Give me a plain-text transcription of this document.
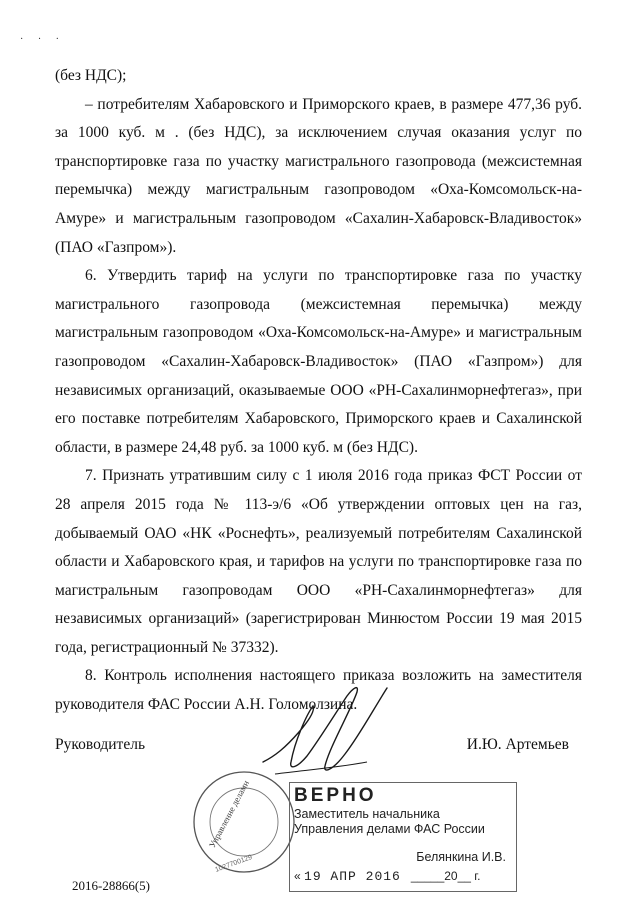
· · ·

(без НДС);

– потребителям Хабаровского и Приморского краев, в размере 477,36 руб. за 1000 куб. м . (без НДС), за исключением случая оказания услуг по транспортировке газа по участку магистрального газопровода (межсистемная перемычка) между магистральным газопроводом «Оха-Комсомольск-на-Амуре» и магистральным газопроводом «Сахалин-Хабаровск-Владивосток» (ПАО «Газпром»).

6. Утвердить тариф на услуги по транспортировке газа по участку магистрального газопровода (межсистемная перемычка) между магистральным газопроводом «Оха-Комсомольск-на-Амуре» и магистральным газопроводом «Сахалин-Хабаровск-Владивосток» (ПАО «Газпром») для независимых организаций, оказываемые ООО «РН-Сахалинморнефтегаз», при его поставке потребителям Хабаровского, Приморского краев и Сахалинской области, в размере 24,48 руб. за 1000 куб. м (без НДС).

7. Признать утратившим силу с 1 июля 2016 года приказ ФСТ России от 28 апреля 2015 года № 113-э/6 «Об утверждении оптовых цен на газ, добываемый ОАО «НК «Роснефть», реализуемый потребителям Сахалинской области и Хабаровского края, и тарифов на услуги по транспортировке газа по магистральным газопроводам ООО «РН-Сахалинморнефтегаз» для независимых организаций» (зарегистрирован Минюстом России 19 мая 2015 года, регистрационный № 37332).

8. Контроль исполнения настоящего приказа возложить на заместителя руководителя ФАС России А.Н. Голомолзина.

Руководитель	И.Ю. Артемьев
Управление делами
1027700129
ВЕРНО
Заместитель начальника
Управления делами ФАС России
Белянкина И.В.
« 19 АПР 2016 _____20__ г.
2016-28866(5)
